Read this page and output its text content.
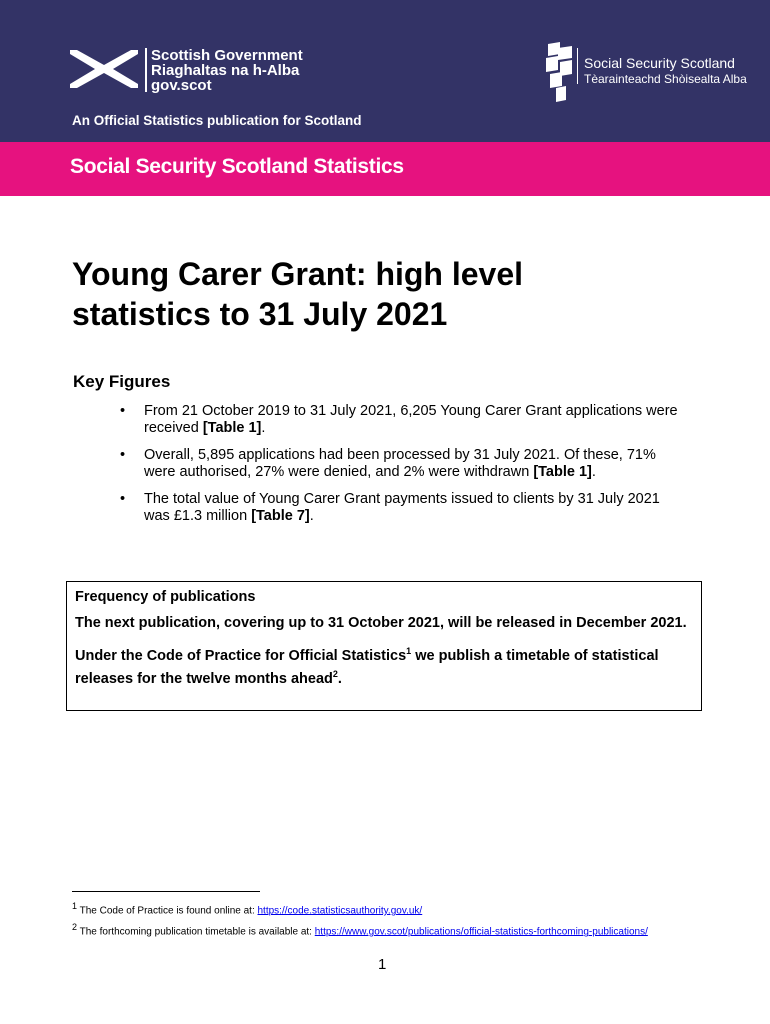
Scottish Government
Riaghaltas na h-Alba
gov.scot
Social Security Scotland
Tèarainteachd Shòisealta Alba
An Official Statistics publication for Scotland
Social Security Scotland Statistics
Young Carer Grant: high level
statistics to 31 July 2021
Key Figures
• From 21 October 2019 to 31 July 2021, 6,205 Young Carer Grant applications were received [Table 1].
• Overall, 5,895 applications had been processed by 31 July 2021. Of these, 71% were authorised, 27% were denied, and 2% were withdrawn [Table 1].
• The total value of Young Carer Grant payments issued to clients by 31 July 2021 was £1.3 million [Table 7].

Frequency of publications

The next publication, covering up to 31 October 2021, will be released in December 2021.

Under the Code of Practice for Official Statistics$^1$ we publish a timetable of statistical releases for the twelve months ahead$^2$.

$^1$ The Code of Practice is found online at: https://code.statisticsauthority.gov.uk/
$^2$ The forthcoming publication timetable is available at: https://www.gov.scot/publications/official-statistics-forthcoming-publications/
1
